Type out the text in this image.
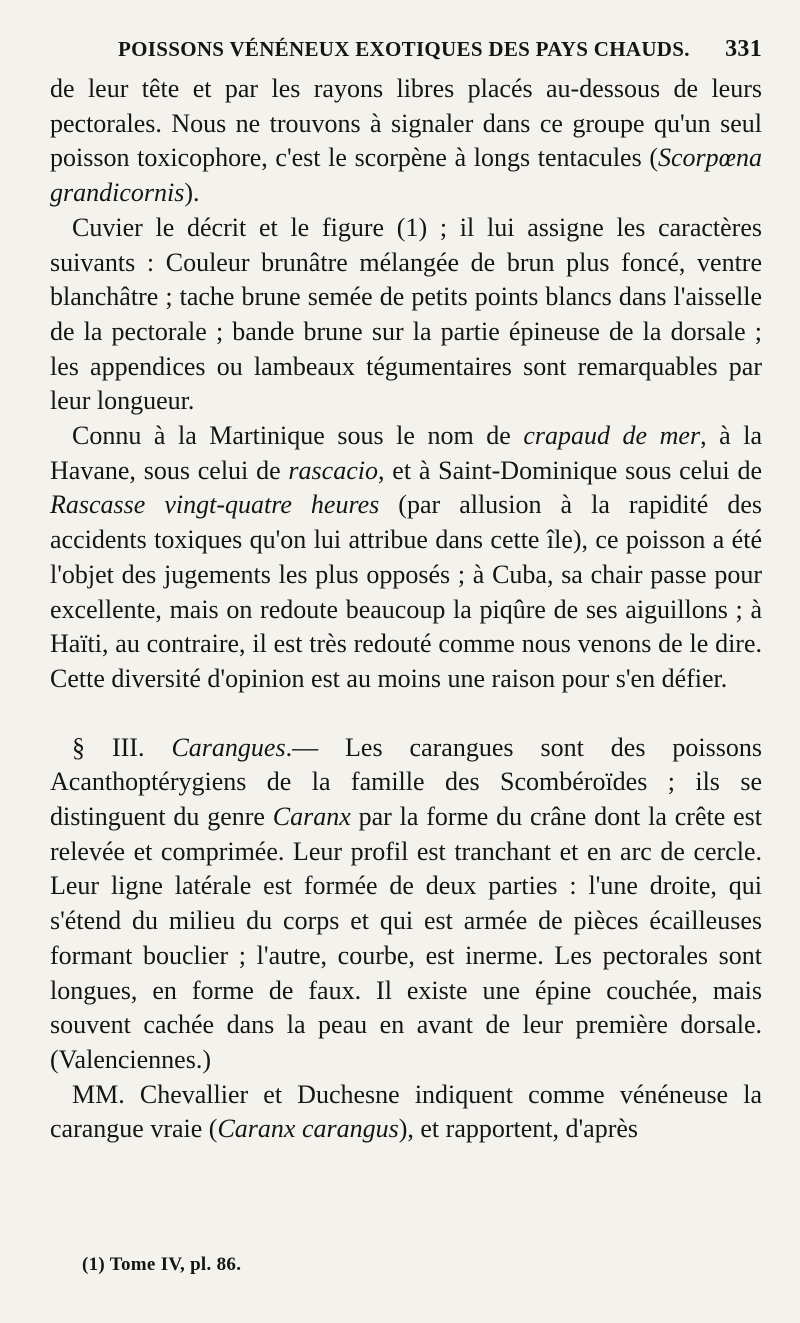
POISSONS VÉNÉNEUX EXOTIQUES DES PAYS CHAUDS. 331

de leur tête et par les rayons libres placés au-dessous de leurs pectorales. Nous ne trouvons à signaler dans ce groupe qu'un seul poisson toxicophore, c'est le scorpène à longs tentacules (Scorpœna grandicornis).

Cuvier le décrit et le figure (1) ; il lui assigne les caractères suivants : Couleur brunâtre mélangée de brun plus foncé, ventre blanchâtre ; tache brune semée de petits points blancs dans l'aisselle de la pectorale ; bande brune sur la partie épineuse de la dorsale ; les appendices ou lambeaux tégumentaires sont remarquables par leur longueur.

Connu à la Martinique sous le nom de crapaud de mer, à la Havane, sous celui de rascacio, et à Saint-Dominique sous celui de Rascasse vingt-quatre heures (par allusion à la rapidité des accidents toxiques qu'on lui attribue dans cette île), ce poisson a été l'objet des jugements les plus opposés ; à Cuba, sa chair passe pour excellente, mais on redoute beaucoup la piqûre de ses aiguillons ; à Haïti, au contraire, il est très redouté comme nous venons de le dire. Cette diversité d'opinion est au moins une raison pour s'en défier.

§ III. Carangues.— Les carangues sont des poissons Acanthoptérygiens de la famille des Scombéroïdes ; ils se distinguent du genre Caranx par la forme du crâne dont la crête est relevée et comprimée. Leur profil est tranchant et en arc de cercle. Leur ligne latérale est formée de deux parties : l'une droite, qui s'étend du milieu du corps et qui est armée de pièces écailleuses formant bouclier ; l'autre, courbe, est inerme. Les pectorales sont longues, en forme de faux. Il existe une épine couchée, mais souvent cachée dans la peau en avant de leur première dorsale. (Valenciennes.)

MM. Chevallier et Duchesne indiquent comme vénéneuse la carangue vraie (Caranx carangus), et rapportent, d'après

(1) Tome IV, pl. 86.
